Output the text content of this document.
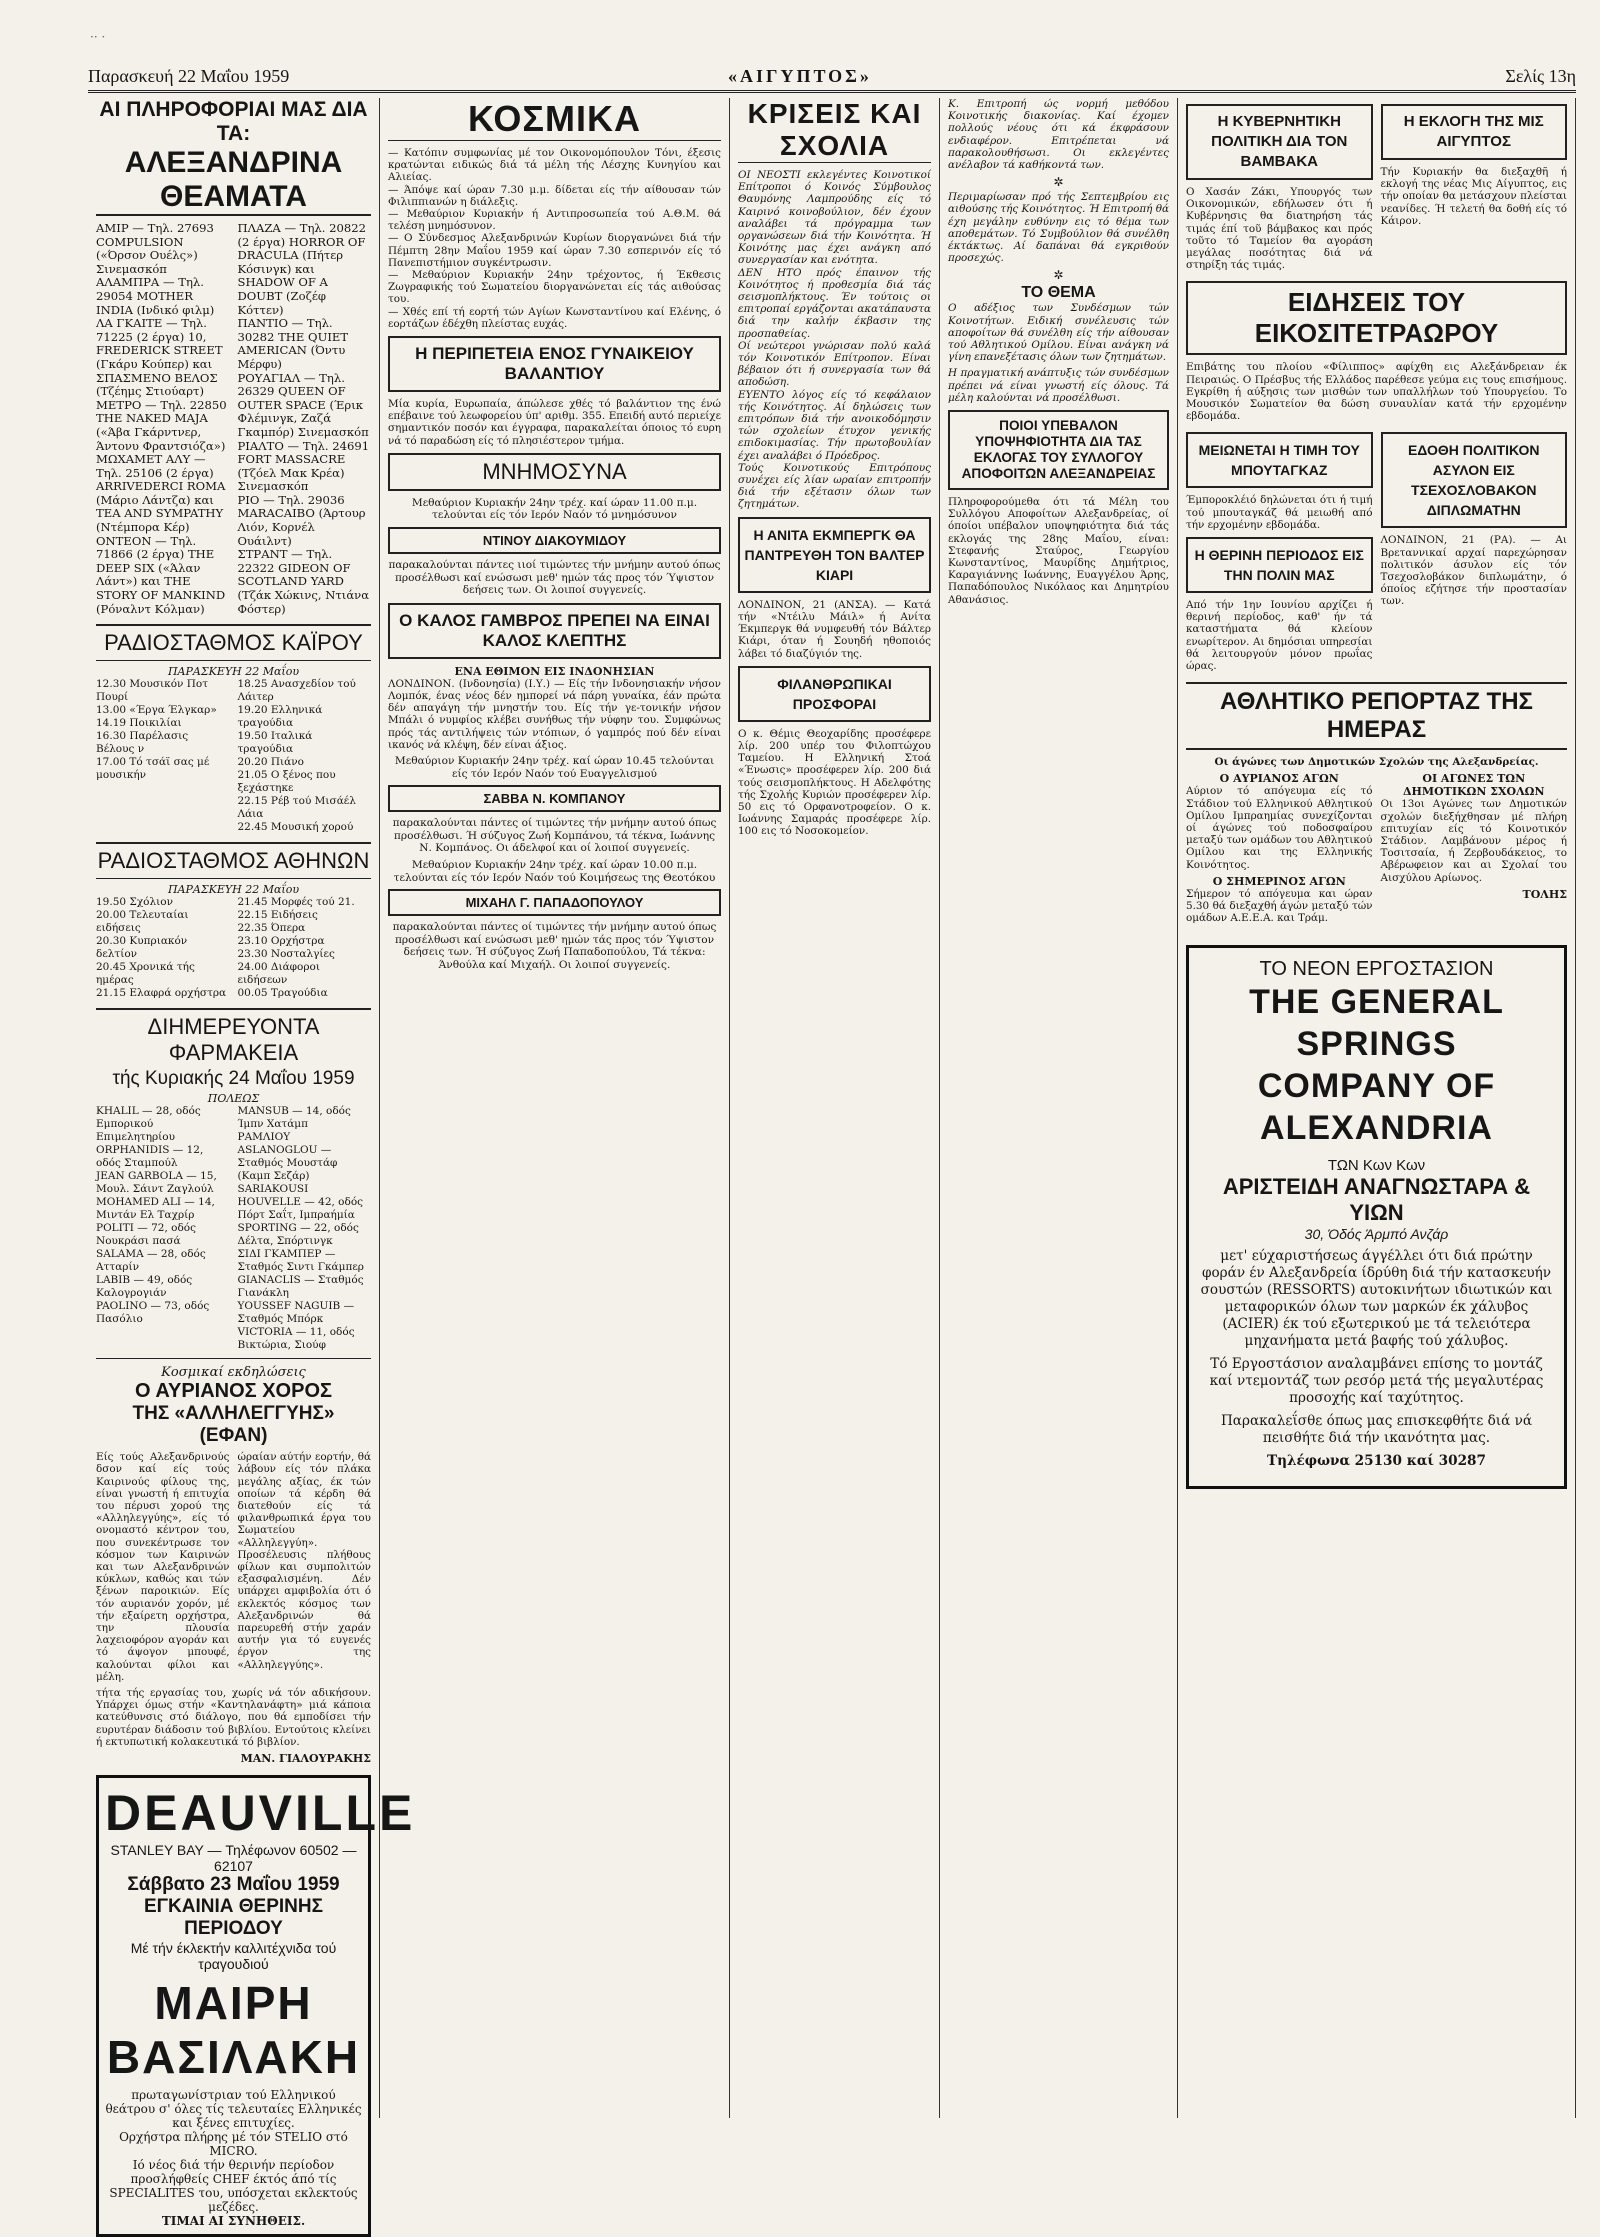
·· ·
Παρασκευή 22 Μαΐου 1959	«ΑΙΓΥΠΤΟΣ»	Σελίς 13η
ΑΙ ΠΛΗΡΟΦΟΡΙΑΙ ΜΑΣ ΔΙΑ ΤΑ:
ΑΛΕΞΑΝΔΡΙΝΑ ΘΕΑΜΑΤΑ

AMIP — Τηλ. 27693 COMPULSION («Όρσον Ουέλς») Σινεμασκόπ
ΑΛΑΜΠΡΑ — Τηλ. 29054 MOTHER INDIA (Ινδικό φιλμ)
ΛΑ ΓΚΑΙΤΕ — Τηλ. 71225 (2 έργα) 10, FREDERICK STREET (Γκάρυ Κούπερ) και ΣΠΑΣΜΕΝΟ ΒΕΛΟΣ (Τζέημς Στιούαρτ)
ΜΕΤΡΟ — Τηλ. 22850 THE NAKED MAJA («Άβα Γκάρντνερ, Άντονυ Φραντσιόζα»)
ΜΩΧΑΜΕΤ ΑΛΥ — Τηλ. 25106 (2 έργα) ARRIVEDERCI ROMA (Μάριο Λάντζα) και TEA AND SYMPATHY (Ντέμπορα Κέρ)
ΟΝΤΕΟΝ — Τηλ. 71866 (2 έργα) THE DEEP SIX («Άλαν Λάντ») και THE STORY OF MANKIND (Ρόναλντ Κόλμαν)

ΠΛΑΖΑ — Τηλ. 20822 (2 έργα) HORROR OF DRACULA (Πήτερ Κόσινγκ) και SHADOW OF A DOUBT (Ζοζέφ Κόττεν)
ΠΑΝΤΙΟ — Τηλ. 30282 THE QUIET AMERICAN (Όντυ Μέρφυ)
ΡΟΥΑΓΙΑΛ — Τηλ. 26329 QUEEN OF OUTER SPACE (Έρικ Φλέμινγκ, Ζαζά Γκαμπόρ) Σινεμασκόπ
ΡΙΑΛΤΟ — Τηλ. 24691 FORT MASSACRE (Τζόελ Μακ Κρέα) Σινεμασκόπ
ΡΙΟ — Τηλ. 29036 MARACAIBO (Άρτουρ Λιόν, Κορνέλ Ουάιλντ)
ΣΤΡΑΝΤ — Τηλ. 22322 GIDEON OF SCOTLAND YARD (Τζάκ Χώκινς, Ντιάνα Φόστερ)

ΡΑΔΙΟΣΤΑΘΜΟΣ ΚΑΪΡΟΥ
ΠΑΡΑΣΚΕΥΗ 22 Μαΐου
12.30 Μουσικόν Ποτ Πουρί
13.00 «Έργα Έλγκαρ»
14.19 Ποικιλίαι
16.30 Παρέλασις Βέλους ν
17.00 Τό τσάϊ σας μέ μουσικήν
18.25 Ανασχεδίον τού Λάιτερ
19.20 Ελληνικά τραγούδια
19.50 Ιταλικά τραγούδια
20.20 Πιάνο
21.05 Ο ξένος που ξεχάστηκε
22.15 Ρέβ τού Μισάέλ Λάια
22.45 Μουσική χορού
ΡΑΔΙΟΣΤΑΘΜΟΣ ΑΘΗΝΩΝ
ΠΑΡΑΣΚΕΥΗ 22 Μαΐου
19.50 Σχόλιον
20.00 Τελευταίαι ειδήσεις
20.30 Κυπριακόν δελτίον
20.45 Χρονικά τής ημέρας
21.15 Ελαφρά ορχήστρα
21.45 Μορφές τού 21.
22.15 Ειδήσεις
22.35 Όπερα
23.10 Ορχήστρα
23.30 Νοσταλγίες
24.00 Διάφοροι ειδήσεων
00.05 Τραγούδια
ΔΙΗΜΕΡΕΥΟΝΤΑ ΦΑΡΜΑΚΕΙΑ
τής Κυριακής 24 Μαΐου 1959
ΠΟΛΕΩΣ
KHALIL — 28, οδός Εμπορικού Επιμελητηρίου
ORPHANIDIS — 12, οδός Σταμπούλ
JEAN GARBOLA — 15, Μουλ. Σάιντ Ζαγλούλ
MOHAMED ALI — 14, Μιντάν Ελ Ταχρίρ
POLITI — 72, οδός Νουκράσι πασά
SALAMA — 28, οδός Ατταρίν
LABIB — 49, οδός Καλογρογιάν
PAOLINO — 73, οδός Πασόλιο
MANSUB — 14, οδός Ίμπν Χατάμπ
ΡΑΜΛΙΟΥ
ASLANOGLOU — Σταθμός Μουστάφ (Καμπ Σεζάρ)
SARIAKOUSI HOUVELLE — 42, οδός Πόρτ Σαΐτ, Ιμπραήμία
SPORTING — 22, οδός Δέλτα, Σπόρτινγκ
ΣΙΔΙ ΓΚΑΜΠΕΡ — Σταθμός Σιντι Γκάμπερ
GIANACLIS — Σταθμός Γιανάκλη
YOUSSEF NAGUIB — Σταθμός Μπόρκ
VICTORIA — 11, οδός Βικτώρια, Σιούφ
Κοσμικαί εκδηλώσεις
Ο ΑΥΡΙΑΝΟΣ ΧΟΡΟΣ
ΤΗΣ «ΑΛΛΗΛΕΓΓΥΗΣ» (ΕΦΑΝ)

Είς τούς Αλεξανδρινούς δσον καί είς τούς Καιρινούς φίλους της, είναι γνωστή ή επιτυχία του πέρυσι χορού της «Αλληλεγγύης», είς τό ονομαστό κέντρον του, που συνεκέντρωσε τον κόσμον των Καιρινών και των Αλεξανδρινών κύκλων, καθώς και τών ξένων παροικιών. Είς τόν αυριανόν χορόν, μέ τήν εξαίρετη ορχήστρα, την πλουσία λαχειοφόρον αγοράν και τό άψογον μπουφέ, καλούνται φίλοι και μέλη.

ώραίαν αύτήν εορτήν, θά λάβουν είς τόν πλάκα μεγάλης αξίας, έκ τών οποίων τά κέρδη θά διατεθούν είς τά φιλανθρωπικά έργα του Σωματείου «Αλληλεγγύη». Προσέλευσις πλήθους φίλων και συμπολιτών εξασφαλισμένη. Δέν υπάρχει αμφιβολία ότι ό εκλεκτός κόσμος των Αλεξανδρινών θά παρευρεθή στήν χαράν αυτήν για τό ευγενές έργον της «Αλληλεγγύης».

τήτα τής εργασίας του, χωρίς νά τόν αδικήσουν. Υπάρχει όμως στήν «Καντηλανάφτη» μιά κάποια κατεύθυνσις στό διάλογο, που θά εμποδίσει τήν ευρυτέραν διάδοσιν τού βιβλίου. Εντούτοις κλείνει ή εκτυπωτική κολακευτικά τό βιβλίον.

ΜΑΝ. ΓΙΑΛΟΥΡΑΚΗΣ
DEAUVILLE
STANLEY BAY — Τηλέφωνον 60502 — 62107
Σάββατο 23 Μαΐου 1959
ΕΓΚΑΙΝΙΑ ΘΕΡΙΝΗΣ ΠΕΡΙΟΔΟΥ
Μέ τήν έκλεκτήν καλλιτέχνιδα τού τραγουδιού
ΜΑΙΡΗ ΒΑΣΙΛΑΚΗ
πρωταγωνίστριαν τού Ελληνικού θεάτρου σ' όλες τίς τελευταίες Ελληνικές και ξένες επιτυχίες.
Ορχήστρα πλήρης μέ τόν STELIO στό MICRO.
Ιό νέος διά τήν θερινήν περίοδον προσλήφθείς CHEF έκτός άπό τίς SPECIALITES του, υπόσχεται εκλεκτούς μεζέδες.
ΤΙΜΑΙ ΑΙ ΣΥΝΗΘΕΙΣ.
ΚΟΣΜΙΚΑ

— Κατόπιν συμφωνίας μέ τον Οικονομόπουλον Τόνι, έξεσις κρατώνται ειδικώς διά τά μέλη τής Λέσχης Κυνηγίου και Αλιείας.
— Άπόψε καί ώραν 7.30 μ.μ. δίδεται είς τήν αίθουσαν τών Φιλιππιανών η διάλεξις.
— Μεθαύριον Κυριακήν ή Αντιπροσωπεία τού Α.Θ.Μ. θά τελέση μνημόσυνον.
— Ο Σύνδεσμος Αλεξανδρινών Κυρίων διοργανώνει διά τήν Πέμπτη 28ην Μαΐου 1959 καί ώραν 7.30 εσπερινόν είς τό Πανεπιστήμιον συγκέντρωσιν.
— Μεθαύριον Κυριακήν 24ην τρέχοντος, ή Έκθεσις Ζωγραφικής τού Σωματείου διοργανώνεται είς τάς αιθούσας του.
— Χθές επί τή εορτή τών Αγίων Κωνσταντίνου καί Ελένης, ό εορτάζων έδέχθη πλείστας ευχάς.

Η ΠΕΡΙΠΕΤΕΙΑ ΕΝΟΣ ΓΥΝΑΙΚΕΙΟΥ ΒΑΛΑΝΤΙΟΥ

Μία κυρία, Ευρωπαία, άπώλεσε χθές τό βαλάντιον της ένώ επέβαινε τού λεωφορείου ύπ' αριθμ. 355. Επειδή αυτό περιείχε σημαντικόν ποσόν και έγγραφα, παρακαλείται όποιος τό ευρη νά τό παραδώση είς τό πλησιέστερον τμήμα.

ΜΝΗΜΟΣΥΝΑ

Μεθαύριον Κυριακήν 24ην τρέχ. καί ώραν 11.00 π.μ. τελούνται είς τόν Ιερόν Ναόν τό μνημόσυνον

ΝΤΙΝΟΥ ΔΙΑΚΟΥΜΙΔΟΥ

παρακαλούνται πάντες ιιοί τιμώντες τήν μνήμην αυτού όπως προσέλθωσι καί ενώσωσι μεθ' ημών τάς προς τόν Ύψιστον δεήσεις των. Οι λοιποί συγγενείς.

Ο ΚΑΛΟΣ ΓΑΜΒΡΟΣ ΠΡΕΠΕΙ ΝΑ ΕΙΝΑΙ ΚΑΛΟΣ ΚΛΕΠΤΗΣ
ΕΝΑ ΕΘΙΜΟΝ ΕΙΣ ΙΝΔΟΝΗΣΙΑΝ

ΛΟΝΔΙΝΟΝ. (Ινδονησία) (Ι.Υ.) — Είς τήν Ινδονησιακήν νήσον Λομπόκ, ένας νέος δέν ημπορεί νά πάρη γυναίκα, έάν πρώτα δέν απαγάγη τήν μνηστήν του. Είς τήν γε-τονικήν νήσον Μπάλι ό νυμφίος κλέβει συνήθως τήν νύφην του. Συμφώνως πρός τάς αντιλήψεις τών ντόπιων, ό γαμπρός πού δέν είναι ικανός νά κλέψη, δέν είναι άξιος.

Μεθαύριον Κυριακήν 24ην τρέχ. καί ώραν 10.45 τελούνται είς τόν Ιερόν Ναόν τού Ευαγγελισμού

ΣΑΒΒΑ Ν. ΚΟΜΠΑΝΟΥ

παρακαλούνται πάντες οί τιμώντες τήν μνήμην αυτού όπως προσέλθωσι. Ή σύζυγος Ζωή Κομπάνου, τά τέκνα, Ιωάννης Ν. Κομπάνος. Οι άδελφοί και οί λοιποί συγγενείς.

Μεθαύριον Κυριακήν 24ην τρέχ. καί ώραν 10.00 π.μ. τελούνται είς τόν Ιερόν Ναόν τού Κοιμήσεως της Θεοτόκου

ΜΙΧΑΗΛ Γ. ΠΑΠΑΔΟΠΟΥΛΟΥ

παρακαλούνται πάντες οί τιμώντες τήν μνήμην αυτού όπως προσέλθωσι καί ενώσωσι μεθ' ημών τάς προς τόν Ύψιστον δεήσεις των. Ή σύζυγος Ζωή Παπαδοπούλου, Τά τέκνα: Άνθούλα καί Μιχαήλ. Οι λοιποί συγγενείς.

ΚΡΙΣΕΙΣ ΚΑΙ ΣΧΟΛΙΑ

ΟΙ ΝΕΟΣΤΙ εκλεγέντες Κοινοτικοί Επίτροποι ό Κοινός Σύμβουλος Θαυμόνης Λαμπρούδης είς τό Καιρινό κοινοβούλιον, δέν έχουν αναλάβει τά πρόγραμμα των οργανώσεων διά τήν Κοινότητα. Ή Κοινότης μας έχει ανάγκη από συνεργασίαν και ενότητα.
ΔΕΝ ΗΤΟ πρός έπαινον τής Κοινότητος ή προθεσμία διά τάς σεισμοπλήκτους. Έν τούτοις οι επιτροπαί εργάζονται ακατάπαυστα διά την καλήν έκβασιν της προσπαθείας.
Οί νεώτεροι γνώρισαν πολύ καλά τόν Κοινοτικόν Επίτροπον. Είναι βέβαιον ότι ή συνεργασία των θά αποδώση.
ΕΥΕΝΤΟ λόγος είς τό κεφάλαιον τής Κοινότητος. Αί δηλώσεις των επιτρόπων διά τήν ανοικοδόμησιν τών σχολείων έτυχον γενικής επιδοκιμασίας. Τήν πρωτοβουλίαν έχει αναλάβει ό Πρόεδρος.
Τούς Κοινοτικούς Επιτρόπους συνέχει είς λίαν ωραίαν επιτροπήν διά τήν εξέτασιν όλων των ζητημάτων.

Η ΑΝΙΤΑ ΕΚΜΠΕΡΓΚ ΘΑ ΠΑΝΤΡΕΥΘΗ ΤΟΝ ΒΑΛΤΕΡ ΚΙΑΡΙ

ΛΟΝΔΙΝΟΝ, 21 (ΑΝΣΑ). — Κατά τήν «Ντέιλυ Μάιλ» ή Ανίτα Έκμπεργκ θά νυμφευθή τόν Βάλτερ Κιάρι, όταν ή Σουηδή ηθοποιός λάβει τό διαζύγιόν της.

ΦΙΛΑΝΘΡΩΠΙΚΑΙ ΠΡΟΣΦΟΡΑΙ

Ο κ. Θέμις Θεοχαρίδης προσέφερε λίρ. 200 υπέρ του Φιλοπτώχου Ταμείου. Η Ελληνική Στοά «Ένωσις» προσέφερεν λίρ. 200 διά τούς σεισμοπλήκτους. Η Αδελφότης τής Σχολής Κυριών προσέφερεν λίρ. 50 εις τό Ορφανοτροφείον. Ο κ. Ιωάννης Σαμαράς προσέφερε λίρ. 100 εις τό Νοσοκομείον.

Κ. Επιτροπή ώς νορμή μεθόδου Κοινοτικής διακονίας. Καί έχομεν πολλούς νέους ότι κά έκφράσουν ενδιαφέρον. Επιτρέπεται νά παρακολουθήσωσι. Οι εκλεγέντες ανέλαβον τά καθήκοντά των.

✲

Περιμαρίωσαν πρό τής Σεπτεμβρίου εις αιθούσης τής Κοινότητος. Ή Επιτροπή θά έχη μεγάλην ευθύνην εις τό θέμα των αποθεμάτων. Τό Συμβούλιον θά συνέλθη έκτάκτως. Αί δαπάναι θά εγκριθούν προσεχώς.

✲
ΤΟ ΘΕΜΑ

Ο αδέξιος των Συνδέσμων τών Κοινοτήτων. Ειδική συνέλευσις τών αποφοίτων θά συνέλθη είς τήν αίθουσαν τού Αθλητικού Ομίλου. Είναι ανάγκη νά γίνη επανεξέτασις όλων των ζητημάτων.

Η πραγματική ανάπτυξις τών συνδέσμων πρέπει νά είναι γνωστή είς όλους. Τά μέλη καλούνται νά προσέλθωσι.

ΠΟΙΟΙ ΥΠΕΒΑΛΟΝ ΥΠΟΨΗΦΙΟΤΗΤΑ ΔΙΑ ΤΑΣ ΕΚΛΟΓΑΣ ΤΟΥ ΣΥΛΛΟΓΟΥ ΑΠΟΦΟΙΤΩΝ ΑΛΕΞΑΝΔΡΕΙΑΣ

Πληροφορούμεθα ότι τά Μέλη του Συλλόγου Αποφοίτων Αλεξανδρείας, οί όποίοι υπέβαλον υποψηφιότητα διά τάς εκλογάς της 28ης Μαΐου, είναι: Στεφανής Σταύρος, Γεωργίου Κωνσταντίνος, Μαυρίδης Δημήτριος, Καραγιάννης Ιωάννης, Ευαγγέλου Άρης, Παπαδόπουλος Νικόλαος και Δημητρίου Αθανάσιος.

Η ΚΥΒΕΡΝΗΤΙΚΗ ΠΟΛΙΤΙΚΗ ΔΙΑ ΤΟΝ ΒΑΜΒΑΚΑ

Ο Χασάν Ζάκι, Υπουργός των Οικονομικών, εδήλωσεν ότι ή Κυβέρνησις θα διατηρήση τάς τιμάς έπί τοῦ βάμβακος και πρός τοῦτο τό Ταμείον θα αγοράση μεγάλας ποσότητας διά νά στηρίξη τάς τιμάς.

Η ΕΚΛΟΓΗ ΤΗΣ ΜΙΣ ΑΙΓΥΠΤΟΣ

Τήν Κυριακήν θα διεξαχθῆ ή εκλογή της νέας Μις Αίγυπτος, εις τήν οποίαν θα μετάσχουν πλείσται νεανίδες. Ή τελετή θα δοθή είς τό Κάιρον.

ΕΙΔΗΣΕΙΣ ΤΟΥ ΕΙΚΟΣΙΤΕΤΡΑΩΡΟΥ

Επιβάτης του πλοίου «Φίλιππος» αφίχθη εις Αλεξάνδρειαν έκ Πειραιώς. Ο Πρέσβυς τής Ελλάδος παρέθεσε γεύμα εις τους επισήμους. Εγκρίθη ή αύξησις των μισθών των υπαλλήλων τού Υπουργείου. Το Μουσικόν Σωματείον θα δώση συναυλίαν κατά τήν ερχομένην εβδομάδα.

ΜΕΙΩΝΕΤΑΙ Η ΤΙΜΗ ΤΟΥ ΜΠΟΥΤΑΓΚΑΖ

Έμποροκλέιό δηλώνεται ότι ή τιμή τού μπουταγκάζ θά μειωθή από τήν ερχομένην εβδομάδα.

Η ΘΕΡΙΝΗ ΠΕΡΙΟΔΟΣ ΕΙΣ ΤΗΝ ΠΟΛΙΝ ΜΑΣ

Από τήν 1ην Ιουνίου αρχίζει ή θερινή περίοδος, καθ' ήν τά καταστήματα θά κλείουν ενωρίτερον. Αι δημόσιαι υπηρεσίαι θά λειτουργούν μόνον πρωΐας ώρας.

ΕΔΟΘΗ ΠΟΛΙΤΙΚΟΝ ΑΣΥΛΟΝ ΕΙΣ ΤΣΕΧΟΣΛΟΒΑΚΟΝ ΔΙΠΛΩΜΑΤΗΝ

ΛΟΝΔΙΝΟΝ, 21 (ΡΑ). — Αι Βρεταννικαί αρχαί παρεχώρησαν πολιτικόν άσυλον είς τόν Τσεχοσλοβάκον διπλωμάτην, ό όποίος εζήτησε τήν προστασίαν των.

ΑΘΛΗΤΙΚΟ ΡΕΠΟΡΤΑΖ ΤΗΣ ΗΜΕΡΑΣ

Οι άγώνες των Δημοτικών Σχολών της Αλεξανδρείας.

Ο ΑΥΡΙΑΝΟΣ ΑΓΩΝ

Αύριον τό απόγευμα είς τό Στάδιον τού Ελληνικού Αθλητικού Ομίλου Ιμπραημίας συνεχίζονται οί άγώνες τού ποδοσφαίρου μεταξύ των ομάδων του Αθλητικού Ομίλου και της Ελληνικής Κοινότητος.

Ο ΣΗΜΕΡΙΝΟΣ ΑΓΩΝ

Σήμερον τό απόγευμα και ώραν 5.30 θά διεξαχθή άγών μεταξύ τών ομάδων Α.Ε.Ε.Α. και Τράμ.

ΟΙ ΑΓΩΝΕΣ ΤΩΝ ΔΗΜΟΤΙΚΩΝ ΣΧΟΛΩΝ

Οι 13οι Αγώνες των Δημοτικών σχολών διεξήχθησαν μέ πλήρη επιτυχίαν είς τό Κοινοτικόν Στάδιον. Λαμβάνουν μέρος ή Τοσιτσαία, ή Ζερβουδάκειος, το Αβέρωφειον και αι Σχολαί του Αισχύλου Αρίωνος.

ΤΟΛΗΣ
ΤΟ ΝΕΟΝ ΕΡΓΟΣΤΑΣΙΟΝ
THE GENERAL SPRINGS
COMPANY OF ALEXANDRIA
ΤΩΝ Κων Κων
ΑΡΙΣΤΕΙΔΗ ΑΝΑΓΝΩΣΤΑΡΑ & ΥΙΩΝ
30, Όδός Άρμπό Ανζάρ

μετ' εύχαριστήσεως άγγέλλει ότι διά πρώτην φοράν έν Αλεξανδρεία ίδρύθη διά τήν κατασκευήν σουστών (RESSORTS) αυτοκινήτων ιδιωτικών και μεταφορικών όλων των μαρκών έκ χάλυβος (ACIER) έκ τού εξωτερικού με τά τελειότερα μηχανήματα μετά βαφής τού χάλυβος.

Τό Εργοστάσιον αναλαμβάνει επίσης το μοντάζ καί ντεμοντάζ των ρεσόρ μετά τής μεγαλυτέρας προσοχής καί ταχύτητος.

Παρακαλεΐσθε όπως μας επισκεφθήτε διά νά πεισθήτε διά τήν ικανότητα μας.

Τηλέφωνα 25130 καί 30287
